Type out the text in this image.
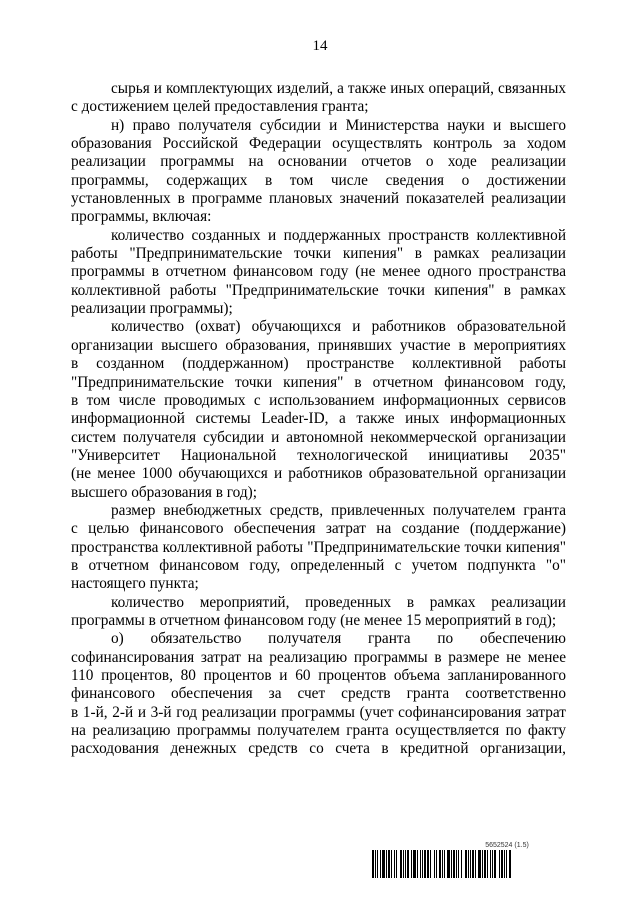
14
сырья и комплектующих изделий, а также иных операций, связанных
с достижением целей предоставления гранта;
н) право получателя субсидии и Министерства науки и высшего
образования Российской Федерации осуществлять контроль за ходом
реализации программы на основании отчетов о ходе реализации
программы, содержащих в том числе сведения о достижении
установленных в программе плановых значений показателей реализации
программы, включая:
количество созданных и поддержанных пространств коллективной
работы "Предпринимательские точки кипения" в рамках реализации
программы в отчетном финансовом году (не менее одного пространства
коллективной работы "Предпринимательские точки кипения" в рамках
реализации программы);
количество (охват) обучающихся и работников образовательной
организации высшего образования, принявших участие в мероприятиях
в созданном (поддержанном) пространстве коллективной работы
"Предпринимательские точки кипения" в отчетном финансовом году,
в том числе проводимых с использованием информационных сервисов
информационной системы Leader-ID, а также иных информационных
систем получателя субсидии и автономной некоммерческой организации
"Университет Национальной технологической инициативы 2035"
(не менее 1000 обучающихся и работников образовательной организации
высшего образования в год);
размер внебюджетных средств, привлеченных получателем гранта
с целью финансового обеспечения затрат на создание (поддержание)
пространства коллективной работы "Предпринимательские точки кипения"
в отчетном финансовом году, определенный с учетом подпункта "о"
настоящего пункта;
количество мероприятий, проведенных в рамках реализации
программы в отчетном финансовом году (не менее 15 мероприятий в год);
о) обязательство получателя гранта по обеспечению
софинансирования затрат на реализацию программы в размере не менее
110 процентов, 80 процентов и 60 процентов объема запланированного
финансового обеспечения за счет средств гранта соответственно
в 1-й, 2-й и 3-й год реализации программы (учет софинансирования затрат
на реализацию программы получателем гранта осуществляется по факту
расходования денежных средств со счета в кредитной организации,
5652524 (1.5)
